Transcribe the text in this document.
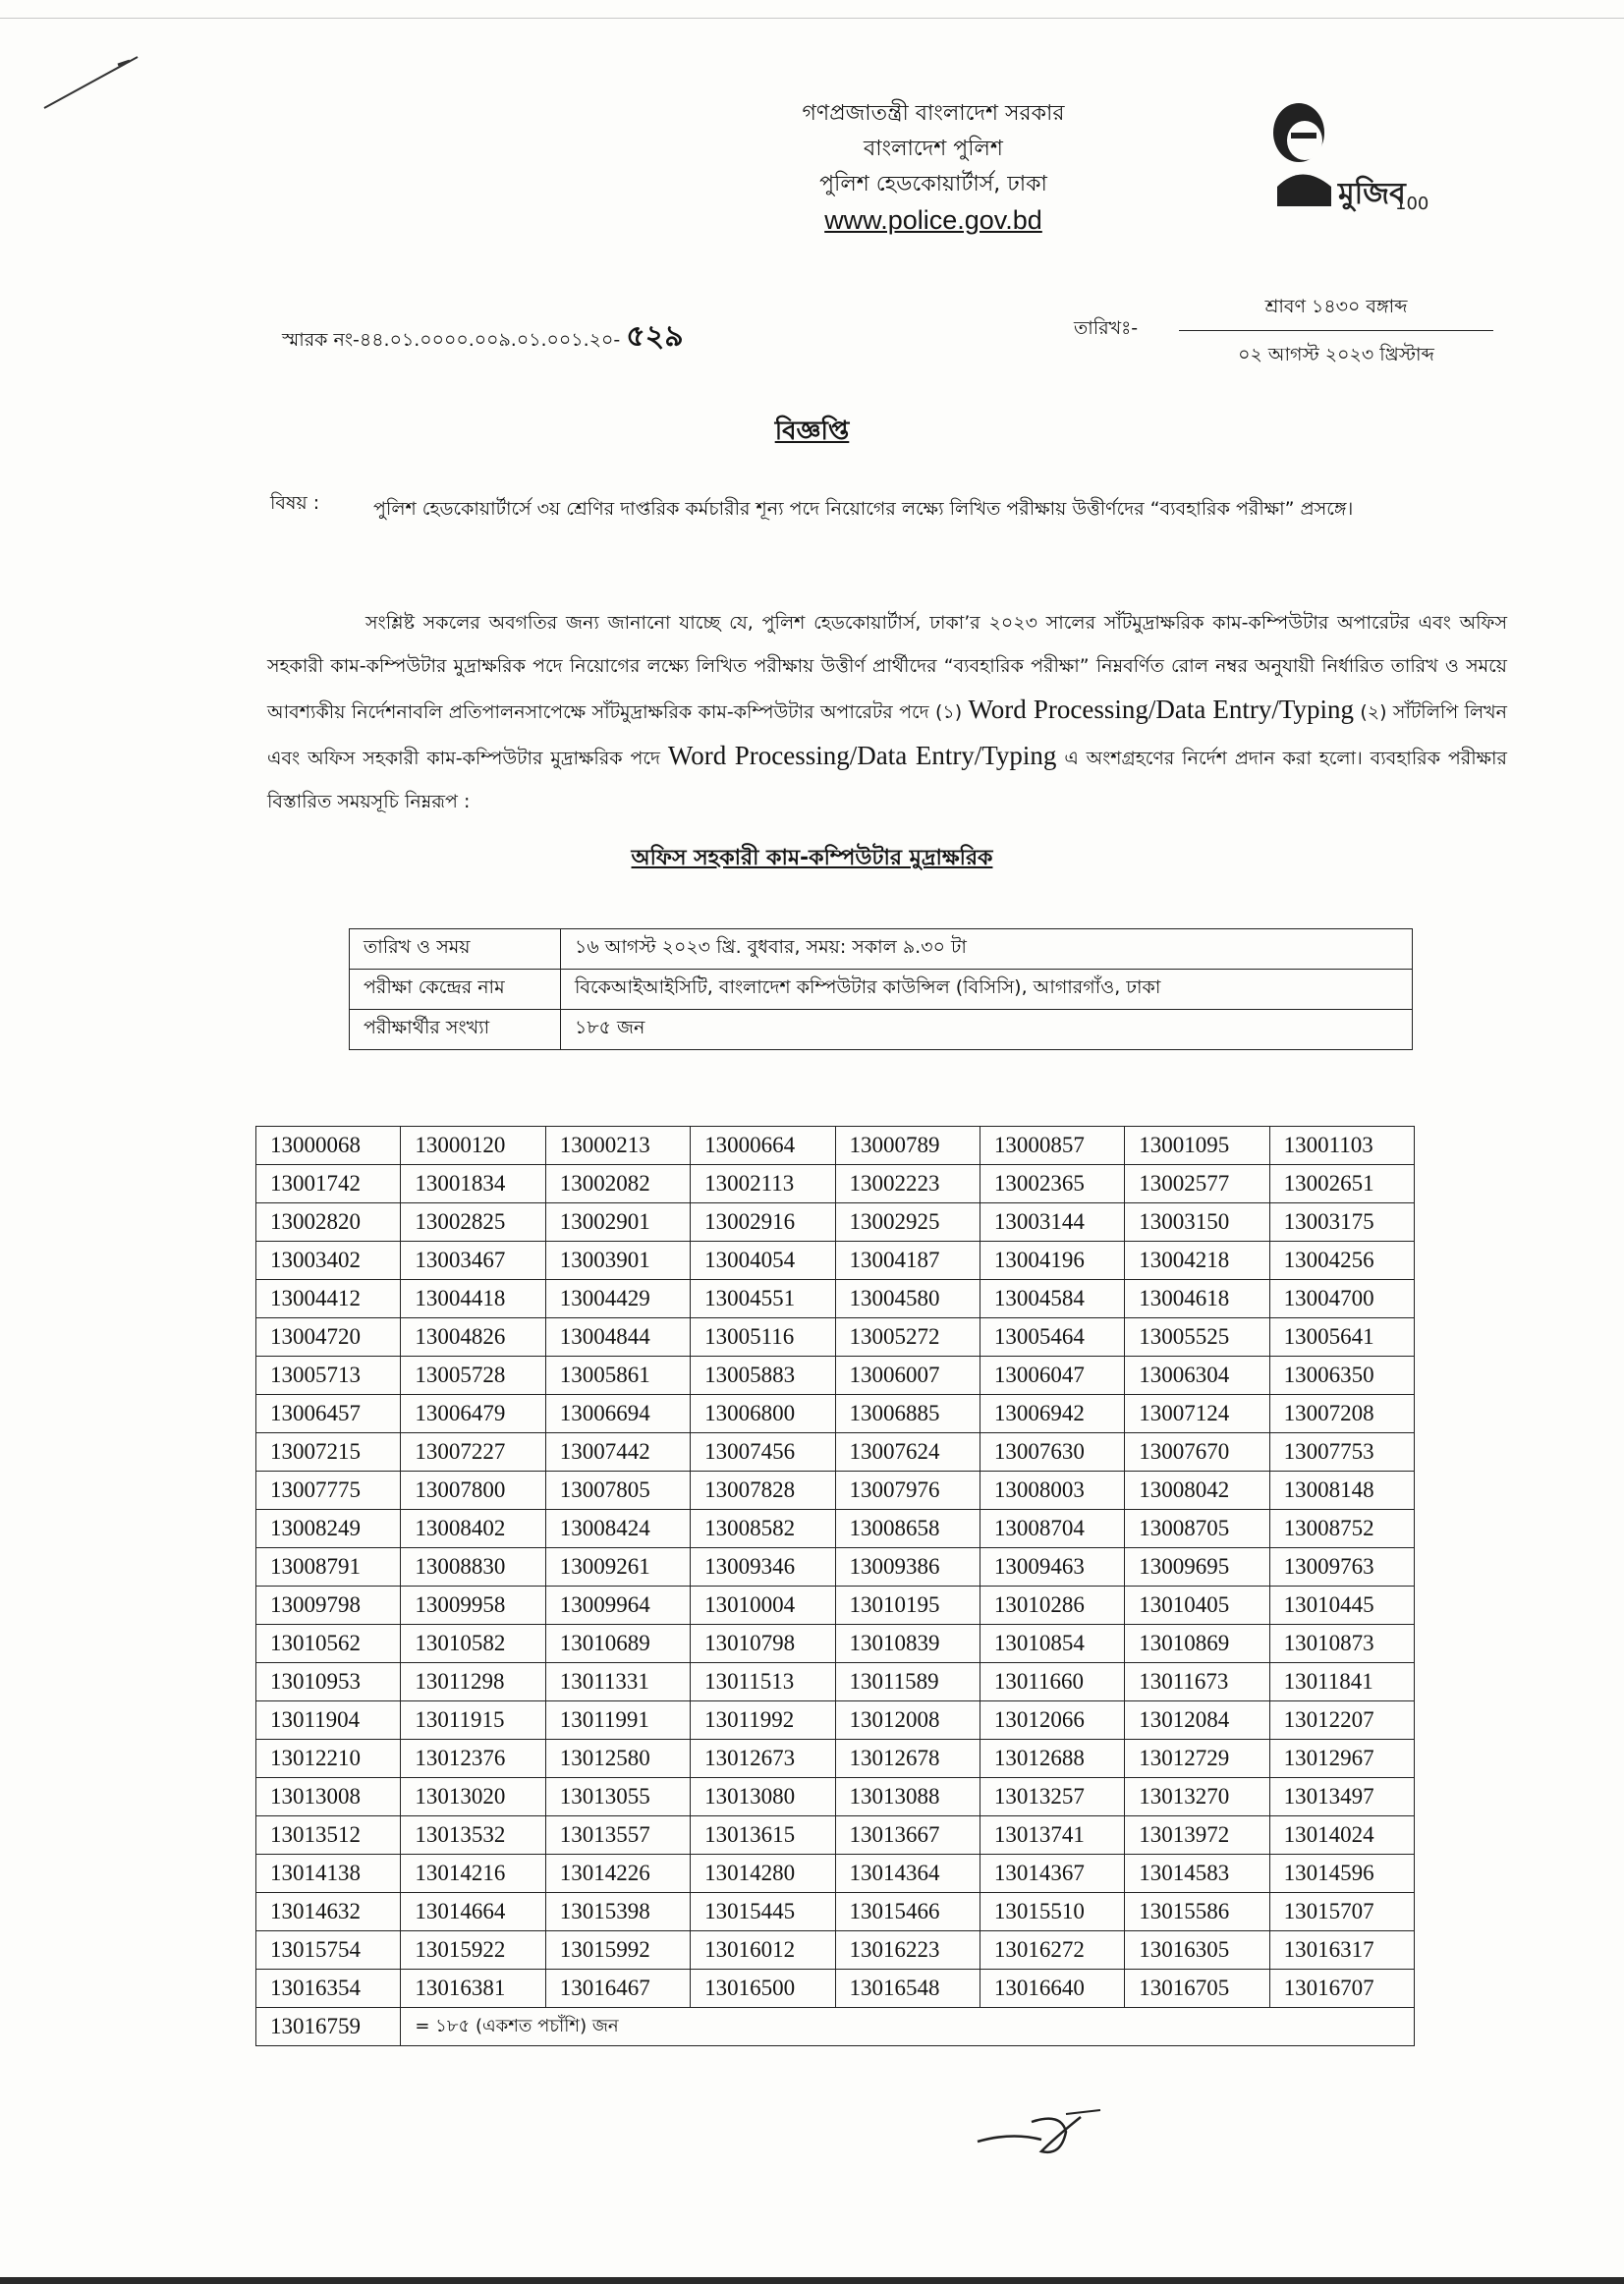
গণপ্রজাতন্ত্রী বাংলাদেশ সরকার
বাংলাদেশ পুলিশ
পুলিশ হেডকোয়ার্টার্স, ঢাকা
www.police.gov.bd
মুজিব
100
স্মারক নং-৪৪.০১.০০০০.০০৯.০১.০০১.২০- ৫২৯	তারিখঃ-
শ্রাবণ ১৪৩০ বঙ্গাব্দ
০২ আগস্ট ২০২৩ খ্রিস্টাব্দ
বিজ্ঞপ্তি
বিষয় :	পুলিশ হেডকোয়ার্টার্সে ৩য় শ্রেণির দাপ্তরিক কর্মচারীর শূন্য পদে নিয়োগের লক্ষ্যে লিখিত পরীক্ষায় উত্তীর্ণদের “ব্যবহারিক পরীক্ষা” প্রসঙ্গে।
সংশ্লিষ্ট সকলের অবগতির জন্য জানানো যাচ্ছে যে, পুলিশ হেডকোয়ার্টার্স, ঢাকা’র ২০২৩ সালের সাঁটমুদ্রাক্ষরিক কাম-কম্পিউটার অপারেটর এবং অফিস সহকারী কাম-কম্পিউটার মুদ্রাক্ষরিক পদে নিয়োগের লক্ষ্যে লিখিত পরীক্ষায় উত্তীর্ণ প্রার্থীদের “ব্যবহারিক পরীক্ষা” নিম্নবর্ণিত রোল নম্বর অনুযায়ী নির্ধারিত তারিখ ও সময়ে আবশ্যকীয় নির্দেশনাবলি প্রতিপালনসাপেক্ষে সাঁটমুদ্রাক্ষরিক কাম-কম্পিউটার অপারেটর পদে (১) Word Processing/Data Entry/Typing (২) সাঁটলিপি লিখন এবং অফিস সহকারী কাম-কম্পিউটার মুদ্রাক্ষরিক পদে Word Processing/Data Entry/Typing এ অংশগ্রহণের নির্দেশ প্রদান করা হলো। ব্যবহারিক পরীক্ষার বিস্তারিত সময়সূচি নিম্নরূপ :
অফিস সহকারী কাম-কম্পিউটার মুদ্রাক্ষরিক
তারিখ ও সময়	১৬ আগস্ট ২০২৩ খ্রি. বুধবার, সময়: সকাল ৯.৩০ টা
পরীক্ষা কেন্দ্রের নাম	বিকেআইআইসিটি, বাংলাদেশ কম্পিউটার কাউন্সিল (বিসিসি), আগারগাঁও, ঢাকা
পরীক্ষার্থীর সংখ্যা	১৮৫ জন
13000068	13000120	13000213	13000664	13000789	13000857	13001095	13001103
13001742	13001834	13002082	13002113	13002223	13002365	13002577	13002651
13002820	13002825	13002901	13002916	13002925	13003144	13003150	13003175
13003402	13003467	13003901	13004054	13004187	13004196	13004218	13004256
13004412	13004418	13004429	13004551	13004580	13004584	13004618	13004700
13004720	13004826	13004844	13005116	13005272	13005464	13005525	13005641
13005713	13005728	13005861	13005883	13006007	13006047	13006304	13006350
13006457	13006479	13006694	13006800	13006885	13006942	13007124	13007208
13007215	13007227	13007442	13007456	13007624	13007630	13007670	13007753
13007775	13007800	13007805	13007828	13007976	13008003	13008042	13008148
13008249	13008402	13008424	13008582	13008658	13008704	13008705	13008752
13008791	13008830	13009261	13009346	13009386	13009463	13009695	13009763
13009798	13009958	13009964	13010004	13010195	13010286	13010405	13010445
13010562	13010582	13010689	13010798	13010839	13010854	13010869	13010873
13010953	13011298	13011331	13011513	13011589	13011660	13011673	13011841
13011904	13011915	13011991	13011992	13012008	13012066	13012084	13012207
13012210	13012376	13012580	13012673	13012678	13012688	13012729	13012967
13013008	13013020	13013055	13013080	13013088	13013257	13013270	13013497
13013512	13013532	13013557	13013615	13013667	13013741	13013972	13014024
13014138	13014216	13014226	13014280	13014364	13014367	13014583	13014596
13014632	13014664	13015398	13015445	13015466	13015510	13015586	13015707
13015754	13015922	13015992	13016012	13016223	13016272	13016305	13016317
13016354	13016381	13016467	13016500	13016548	13016640	13016705	13016707
13016759	= ১৮৫ (একশত পচাঁশি) জন						
